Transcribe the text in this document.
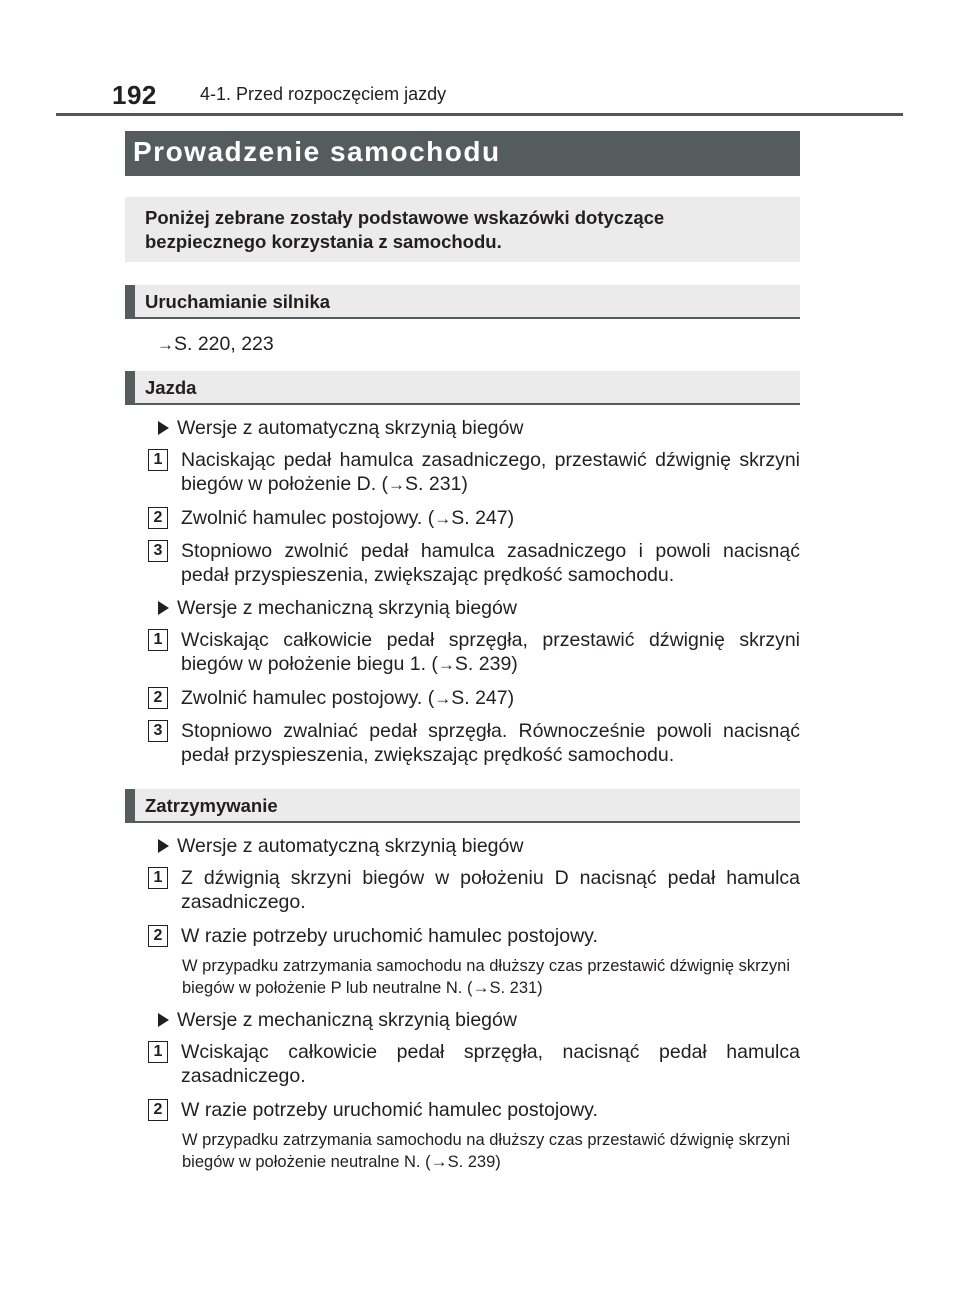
192 4-1. Przed rozpoczęciem jazdy
Prowadzenie samochodu
Poniżej zebrane zostały podstawowe wskazówki dotyczące bezpiecznego korzystania z samochodu.
Uruchamianie silnika
→S. 220, 223
Jazda
Wersje z automatyczną skrzynią biegów
1 Naciskając pedał hamulca zasadniczego, przestawić dźwignię skrzyni biegów w położenie D. (→S. 231)
2 Zwolnić hamulec postojowy. (→S. 247)
3 Stopniowo zwolnić pedał hamulca zasadniczego i powoli nacisnąć pedał przyspieszenia, zwiększając prędkość samochodu.
Wersje z mechaniczną skrzynią biegów
1 Wciskając całkowicie pedał sprzęgła, przestawić dźwignię skrzyni biegów w położenie biegu 1. (→S. 239)
2 Zwolnić hamulec postojowy. (→S. 247)
3 Stopniowo zwalniać pedał sprzęgła. Równocześnie powoli nacisnąć pedał przyspieszenia, zwiększając prędkość samochodu.
Zatrzymywanie
Wersje z automatyczną skrzynią biegów
1 Z dźwignią skrzyni biegów w położeniu D nacisnąć pedał hamulca zasadniczego.
2 W razie potrzeby uruchomić hamulec postojowy.
W przypadku zatrzymania samochodu na dłuższy czas przestawić dźwignię skrzyni biegów w położenie P lub neutralne N. (→S. 231)
Wersje z mechaniczną skrzynią biegów
1 Wciskając całkowicie pedał sprzęgła, nacisnąć pedał hamulca zasadniczego.
2 W razie potrzeby uruchomić hamulec postojowy.
W przypadku zatrzymania samochodu na dłuższy czas przestawić dźwignię skrzyni biegów w położenie neutralne N. (→S. 239)
